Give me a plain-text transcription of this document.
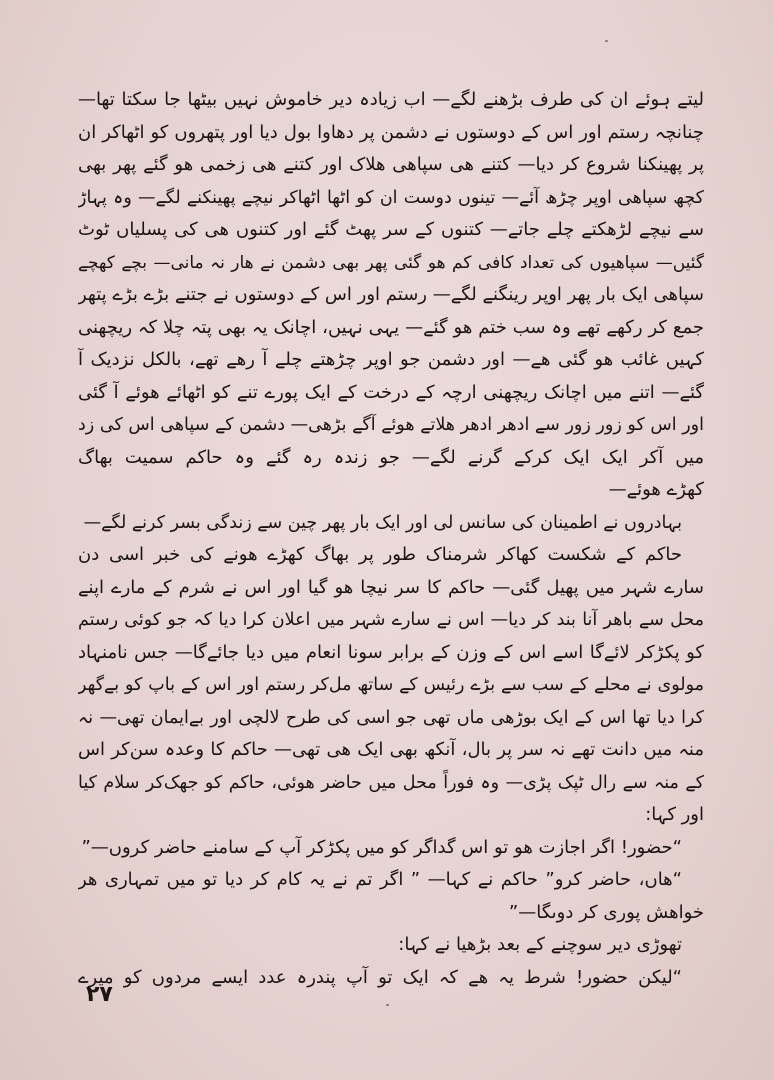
لیتے ہوئے ان کی طرف بڑھنے لگے— اب زیادہ دیر خاموش نہیں بیٹھا جا سکتا تھا—
چنانچہ رستم اور اس کے دوستوں نے دشمن پر دھاوا بول دیا اور پتھروں کو اٹھاکر ان
پر پھینکنا شروع کر دیا— کتنے ھی سپاھی ھلاک اور کتنے ھی زخمی ھو گئے پھر بھی
کچھ سپاھی اوپر چڑھ آئے— تینوں دوست ان کو اٹھا اٹھاکر نیچے پھینکنے لگے— وہ پہاڑ
سے نیچے لڑھکتے چلے جاتے— کتنوں کے سر پھٹ گئے اور کتنوں ھی کی پسلیاں ٹوٹ
گئیں— سپاھیوں کی تعداد کافی کم ھو گئی پھر بھی دشمن نے ھار نہ مانی— بچے کھچے
سپاھی ایک بار پھر اوپر رینگنے لگے— رستم اور اس کے دوستوں نے جتنے بڑے بڑے پتھر
جمع کر رکھے تھے وہ سب ختم ھو گئے— یہی نہیں، اچانک یہ بھی پتہ چلا کہ ریچھنی
کہیں غائب ھو گئی ھے— اور دشمن جو اوپر چڑھتے چلے آ رھے تھے، بالکل نزدیک آ
گئے— اتنے میں اچانک ریچھنی ارچہ کے درخت کے ایک پورے تنے کو اٹھائے ھوئے آ گئی
اور اس کو زور زور سے ادھر ادھر ھلاتے ھوئے آگے بڑھی— دشمن کے سپاھی اس کی زد
میں آکر ایک ایک کرکے گرنے لگے— جو زندہ رہ گئے وہ حاکم سمیت بھاگ
کھڑے ھوئے—
بہادروں نے اطمینان کی سانس لی اور ایک بار پھر چین سے زندگی بسر کرنے لگے—
حاکم کے شکست کھاکر شرمناک طور پر بھاگ کھڑے ھونے کی خبر اسی دن
سارے شہر میں پھیل گئی— حاکم کا سر نیچا ھو گیا اور اس نے شرم کے مارے اپنے
محل سے باھر آنا بند کر دیا— اس نے سارے شہر میں اعلان کرا دیا کہ جو کوئی رستم
کو پکڑکر لائےگا اسے اس کے وزن کے برابر سونا انعام میں دیا جائےگا— جس نامنہاد
مولوی نے محلے کے سب سے بڑے رئیس کے ساتھ مل‌کر رستم اور اس کے باپ کو بےگھر
کرا دیا تھا اس کے ایک بوڑھی ماں تھی جو اسی کی طرح لالچی اور بےایمان تھی— نہ
منہ میں دانت تھے نہ سر پر بال، آنکھ بھی ایک ھی تھی— حاکم کا وعدہ سن‌کر اس
کے منہ سے رال ٹپک پڑی— وہ فوراً محل میں حاضر ھوئی، حاکم کو جھک‌کر سلام کیا
اور کہا:
“حضور! اگر اجازت ھو تو اس گداگر کو میں پکڑکر آپ کے سامنے حاضر کروں—”
“ھاں، حاضر کرو” حاکم نے کہا— ” اگر تم نے یہ کام کر دیا تو میں تمہاری ھر
خواھش پوری کر دوںگا—”
تھوڑی دیر سوچنے کے بعد بڑھیا نے کہا:
“لیکن حضور! شرط یہ ھے کہ ایک تو آپ پندرہ عدد ایسے مردوں کو میرے
٢٧
